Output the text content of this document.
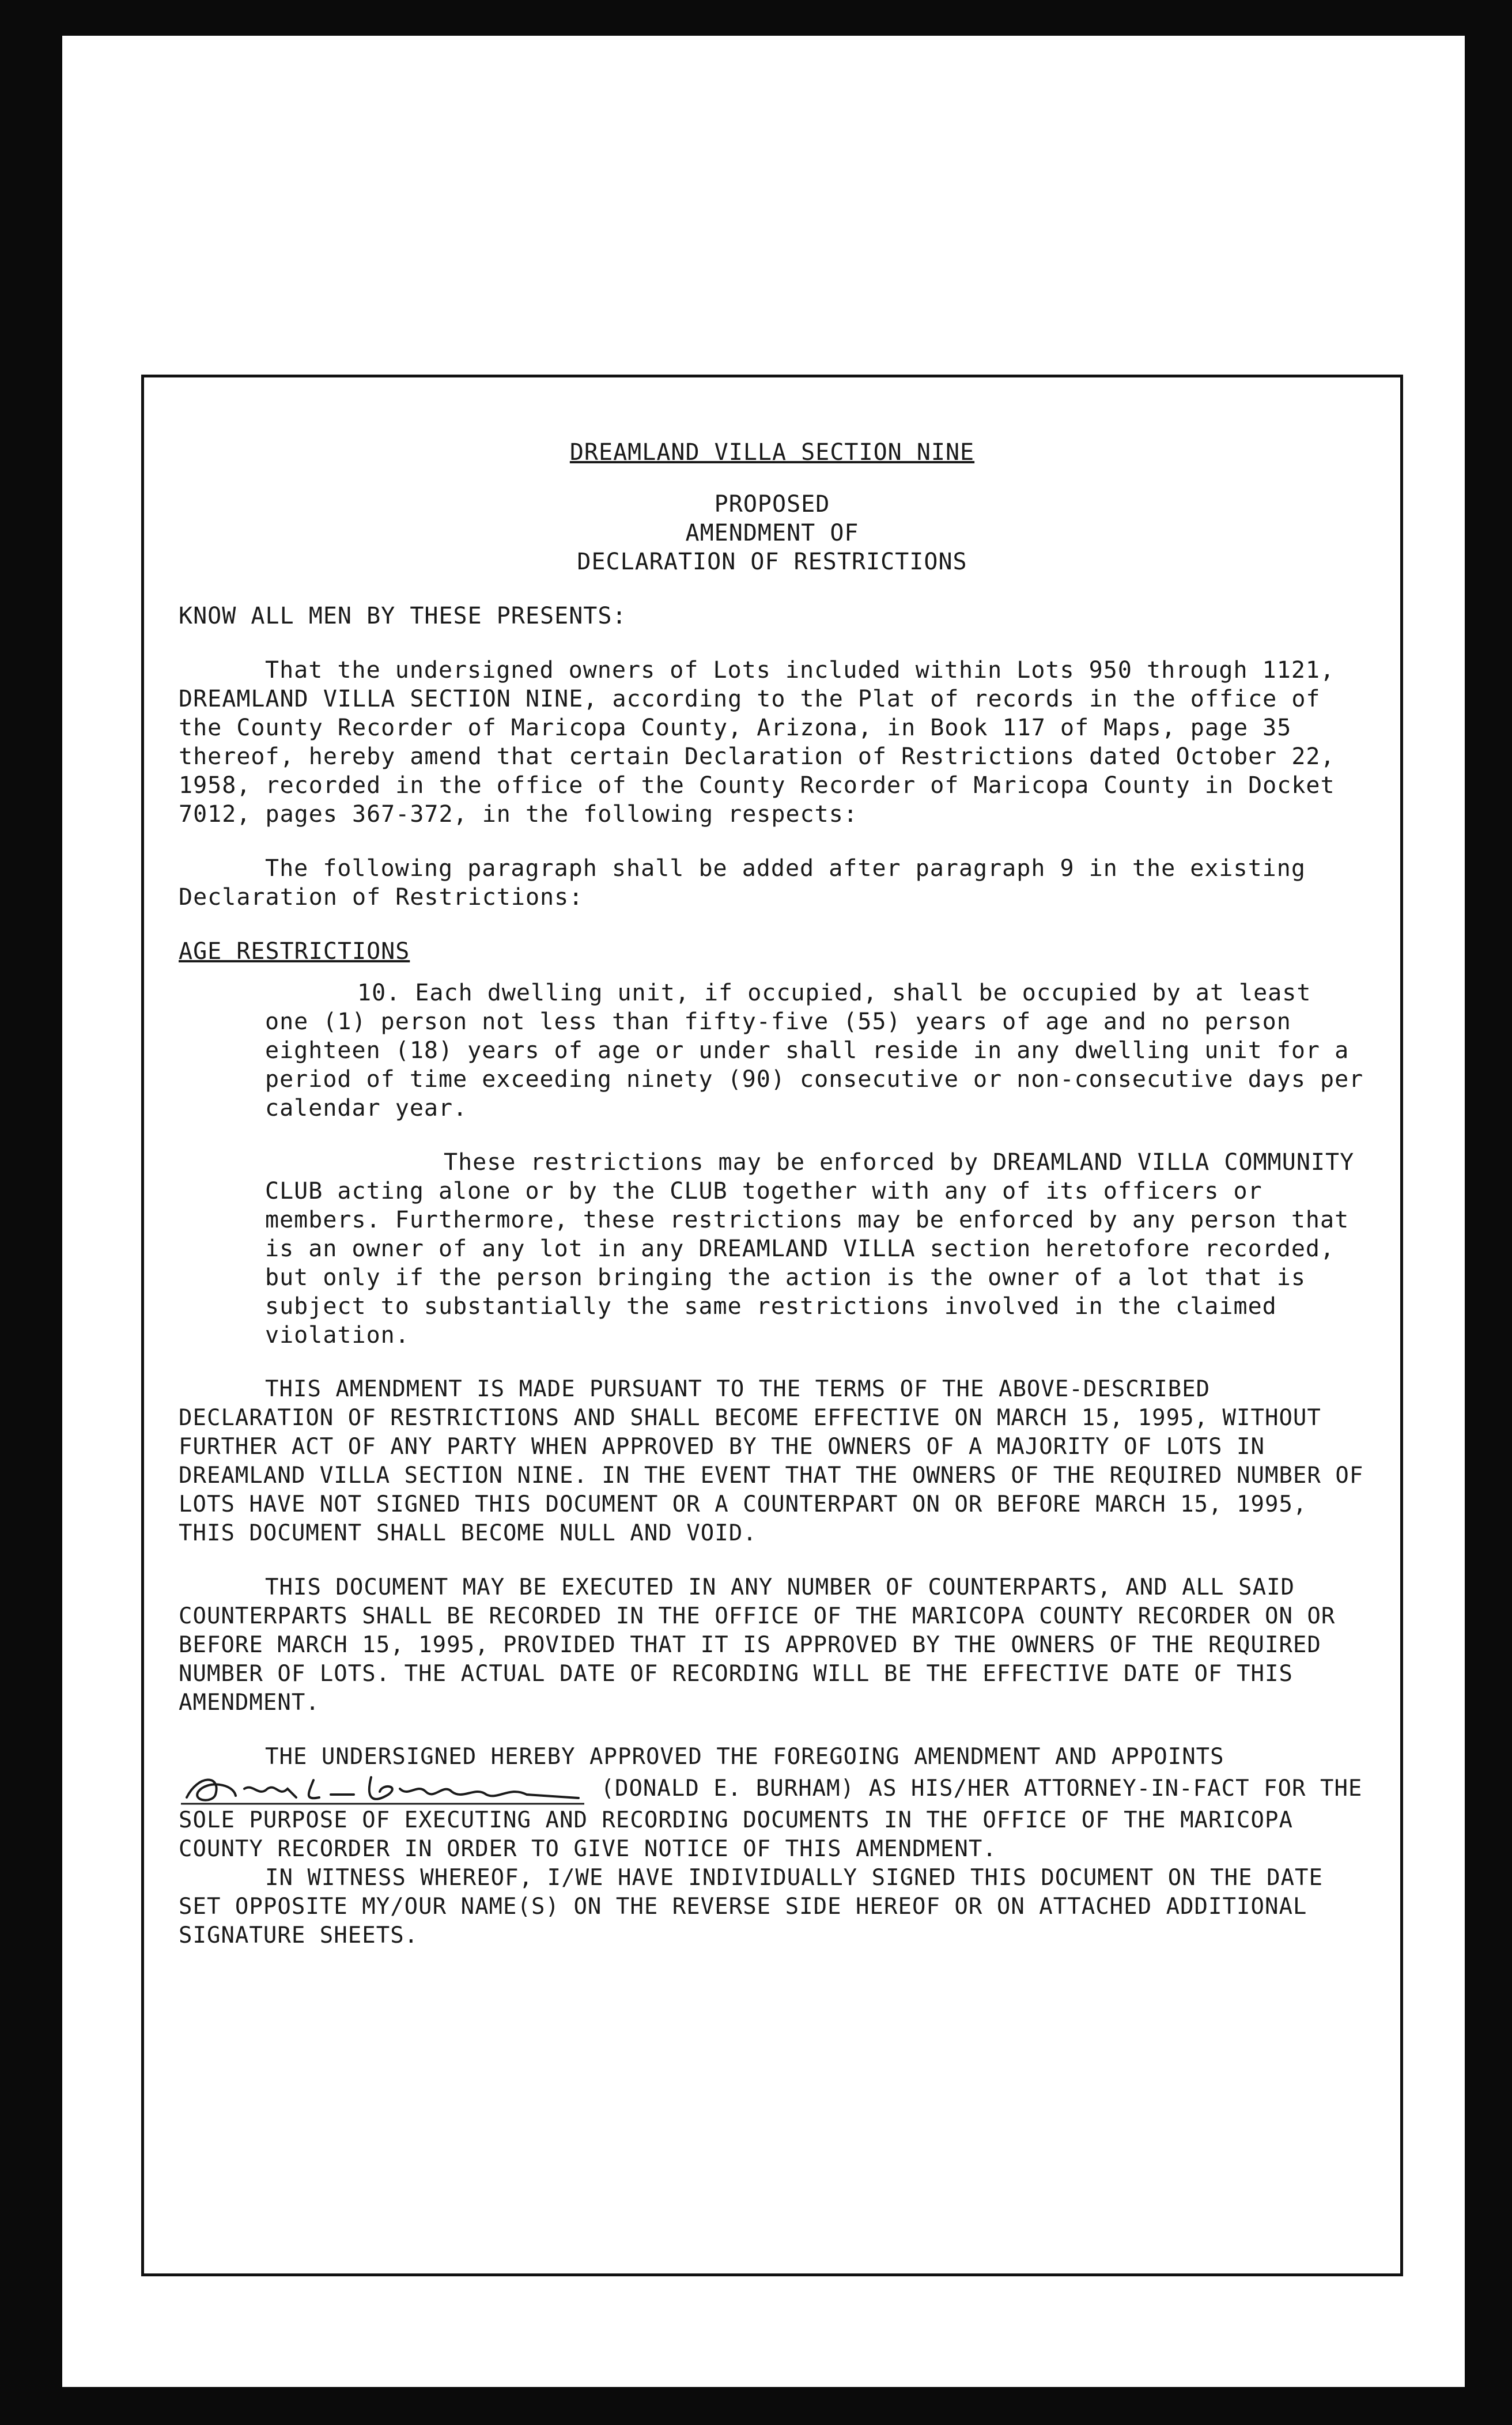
DREAMLAND VILLA SECTION NINE
PROPOSED
AMENDMENT OF
DECLARATION OF RESTRICTIONS
KNOW ALL MEN BY THESE PRESENTS:

That the undersigned owners of Lots included within Lots 950 through 1121, DREAMLAND VILLA SECTION NINE, according to the Plat of records in the office of the County Recorder of Maricopa County, Arizona, in Book 117 of Maps, page 35 thereof, hereby amend that certain Declaration of Restrictions dated October 22, 1958, recorded in the office of the County Recorder of Maricopa County in Docket 7012, pages 367-372, in the following respects:

The following paragraph shall be added after paragraph 9 in the existing Declaration of Restrictions:

AGE RESTRICTIONS

10. Each dwelling unit, if occupied, shall be occupied by at least one (1) person not less than fifty-five (55) years of age and no person eighteen (18) years of age or under shall reside in any dwelling unit for a period of time exceeding ninety (90) consecutive or non-consecutive days per calendar year.

These restrictions may be enforced by DREAMLAND VILLA COMMUNITY CLUB acting alone or by the CLUB together with any of its officers or members. Furthermore, these restrictions may be enforced by any person that is an owner of any lot in any DREAMLAND VILLA section heretofore recorded, but only if the person bringing the action is the owner of a lot that is subject to substantially the same restrictions involved in the claimed violation.

THIS AMENDMENT IS MADE PURSUANT TO THE TERMS OF THE ABOVE-DESCRIBED DECLARATION OF RESTRICTIONS AND SHALL BECOME EFFECTIVE ON MARCH 15, 1995, WITHOUT FURTHER ACT OF ANY PARTY WHEN APPROVED BY THE OWNERS OF A MAJORITY OF LOTS IN DREAMLAND VILLA SECTION NINE. IN THE EVENT THAT THE OWNERS OF THE REQUIRED NUMBER OF LOTS HAVE NOT SIGNED THIS DOCUMENT OR A COUNTERPART ON OR BEFORE MARCH 15, 1995, THIS DOCUMENT SHALL BECOME NULL AND VOID.

THIS DOCUMENT MAY BE EXECUTED IN ANY NUMBER OF COUNTERPARTS, AND ALL SAID COUNTERPARTS SHALL BE RECORDED IN THE OFFICE OF THE MARICOPA COUNTY RECORDER ON OR BEFORE MARCH 15, 1995, PROVIDED THAT IT IS APPROVED BY THE OWNERS OF THE REQUIRED NUMBER OF LOTS. THE ACTUAL DATE OF RECORDING WILL BE THE EFFECTIVE DATE OF THIS AMENDMENT.

THE UNDERSIGNED HEREBY APPROVED THE FOREGOING AMENDMENT AND APPOINTS  (DONALD E. BURHAM) AS HIS/HER ATTORNEY-IN-FACT FOR THE SOLE PURPOSE OF EXECUTING AND RECORDING DOCUMENTS IN THE OFFICE OF THE MARICOPA COUNTY RECORDER IN ORDER TO GIVE NOTICE OF THIS AMENDMENT.

IN WITNESS WHEREOF, I/WE HAVE INDIVIDUALLY SIGNED THIS DOCUMENT ON THE DATE SET OPPOSITE MY/OUR NAME(S) ON THE REVERSE SIDE HEREOF OR ON ATTACHED ADDITIONAL SIGNATURE SHEETS.
